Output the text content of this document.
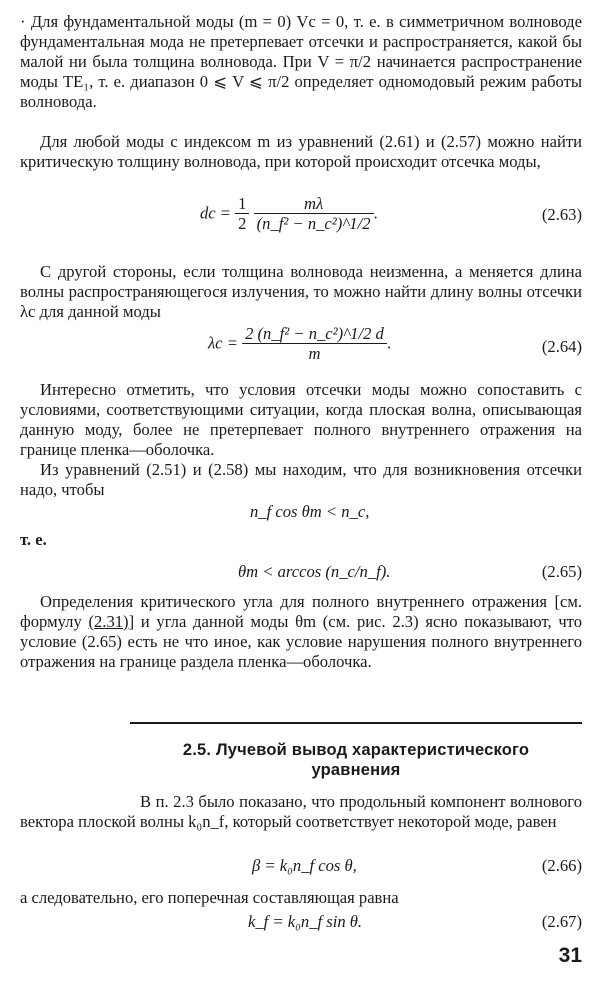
· Для фундаментальной моды (m = 0) Vc = 0, т. е. в симметричном волноводе фундаментальная мода не претерпевает отсечки и распространяется, какой бы малой ни была толщина волновода. При V = π/2 начинается распространение моды TE₁, т. е. диапазон 0 ⩽ V ⩽ π/2 определяет одномодовый режим работы волновода.

Для любой моды с индексом m из уравнений (2.61) и (2.57) можно найти критическую толщину волновода, при которой происходит отсечка моды,

dc = $\frac{1}{2}$
$\frac{m\lambda}{\text{(n\_f² − n\_c²)\textasciicircum{}1/2}}$ .	(2.63)

С другой стороны, если толщина волновода неизменна, а меняется длина волны распространяющегося излучения, то можно найти длину волны отсечки λc для данной моды

$\lambda c = \frac{\text{2 (n\_f² − n\_c²)\textasciicircum{}1/2 d}}{m}$ .	(2.64)

Интересно отметить, что условия отсечки моды можно сопоставить с условиями, соответствующими ситуации, когда плоская волна, описывающая данную моду, более не претерпевает полного внутреннего отражения на границе пленка—оболочка.

Из уравнений (2.51) и (2.58) мы находим, что для возникновения отсечки надо, чтобы

n_f cos θm < n_c,

т. е.

θm < arccos (n_c/n_f).	(2.65)

Определения критического угла для полного внутреннего отражения [см. формулу (2.31)] и угла данной моды θm (см. рис. 2.3) ясно показывают, что условие (2.65) есть не что иное, как условие нарушения полного внутреннего отражения на границе раздела пленка—оболочка.

2.5. Лучевой вывод характеристического уравнения

В п. 2.3 было показано, что продольный компонент волнового вектора плоской волны k₀n_f, который соответствует некоторой моде, равен

β = k₀n_f cos θ,	(2.66)

а следовательно, его поперечная составляющая равна

k_f = k₀n_f sin θ.	(2.67)
31
